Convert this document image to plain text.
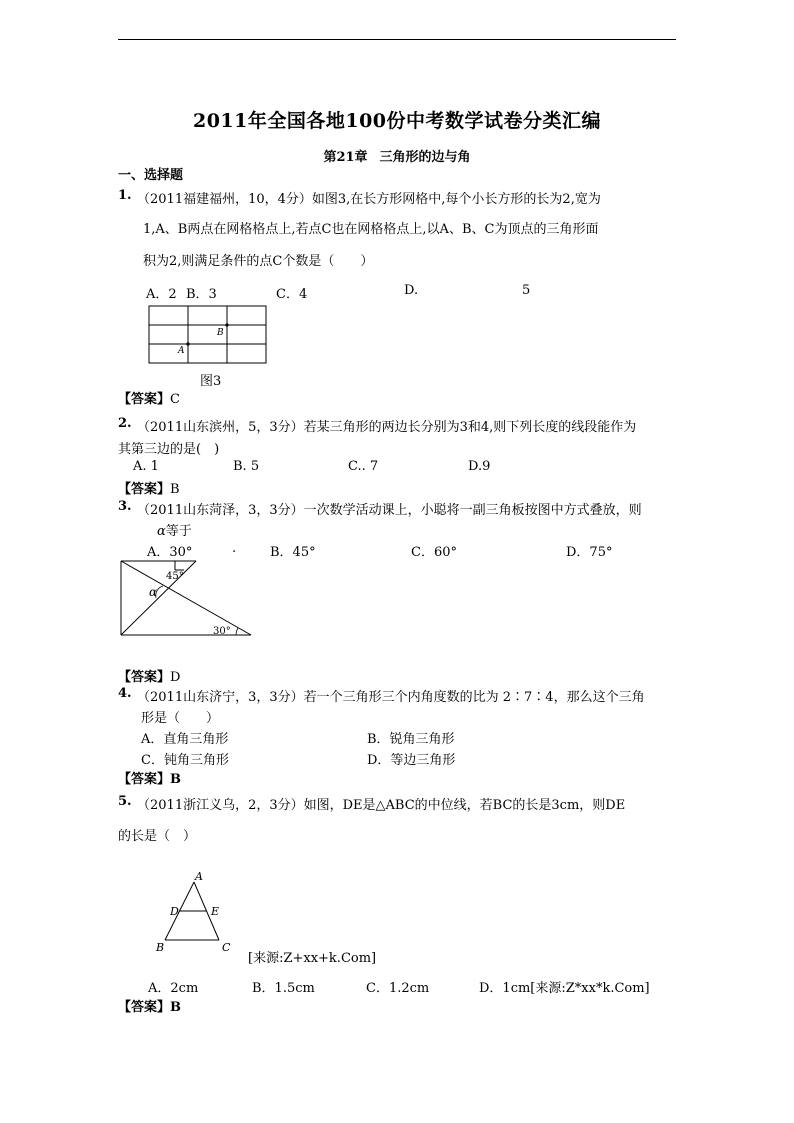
2011年全国各地100份中考数学试卷分类汇编
第21章 三角形的边与角
一、选择题
1. （2011福建福州，10，4分）如图3,在长方形网格中,每个小长方形的长为2,宽为
1,A、B两点在网格格点上,若点C也在网格格点上,以A、B、C为顶点的三角形面
积为2,则满足条件的点C个数是（　　）
A．2 B．3	C．4	D.	5
B
A
图3
【答案】C
2. （2011山东滨州，5，3分）若某三角形的两边长分别为3和4,则下列长度的线段能作为
其第三边的是(　)
A. 1	B. 5	C.. 7	D.9
【答案】B
3. （2011山东菏泽，3，3分）一次数学活动课上，小聪将一副三角板按图中方式叠放，则
α等于
A．30°	.	B．45°	C．60°	D．75°
45°
α
30°
【答案】D
4. （2011山东济宁，3，3分）若一个三角形三个内角度数的比为 2∶7∶4，那么这个三角
形是（　　）
A．直角三角形	B．锐角三角形
C．钝角三角形	D．等边三角形
【答案】B
5. （2011浙江义乌，2，3分）如图，DE是△ABC的中位线，若BC的长是3cm，则DE
的长是（　）
A
D	E
B	C
[来源:Z+xx+k.Com]
A．2cm	B．1.5cm	C．1.2cm	D．1cm[来源:Z*xx*k.Com]
【答案】B
